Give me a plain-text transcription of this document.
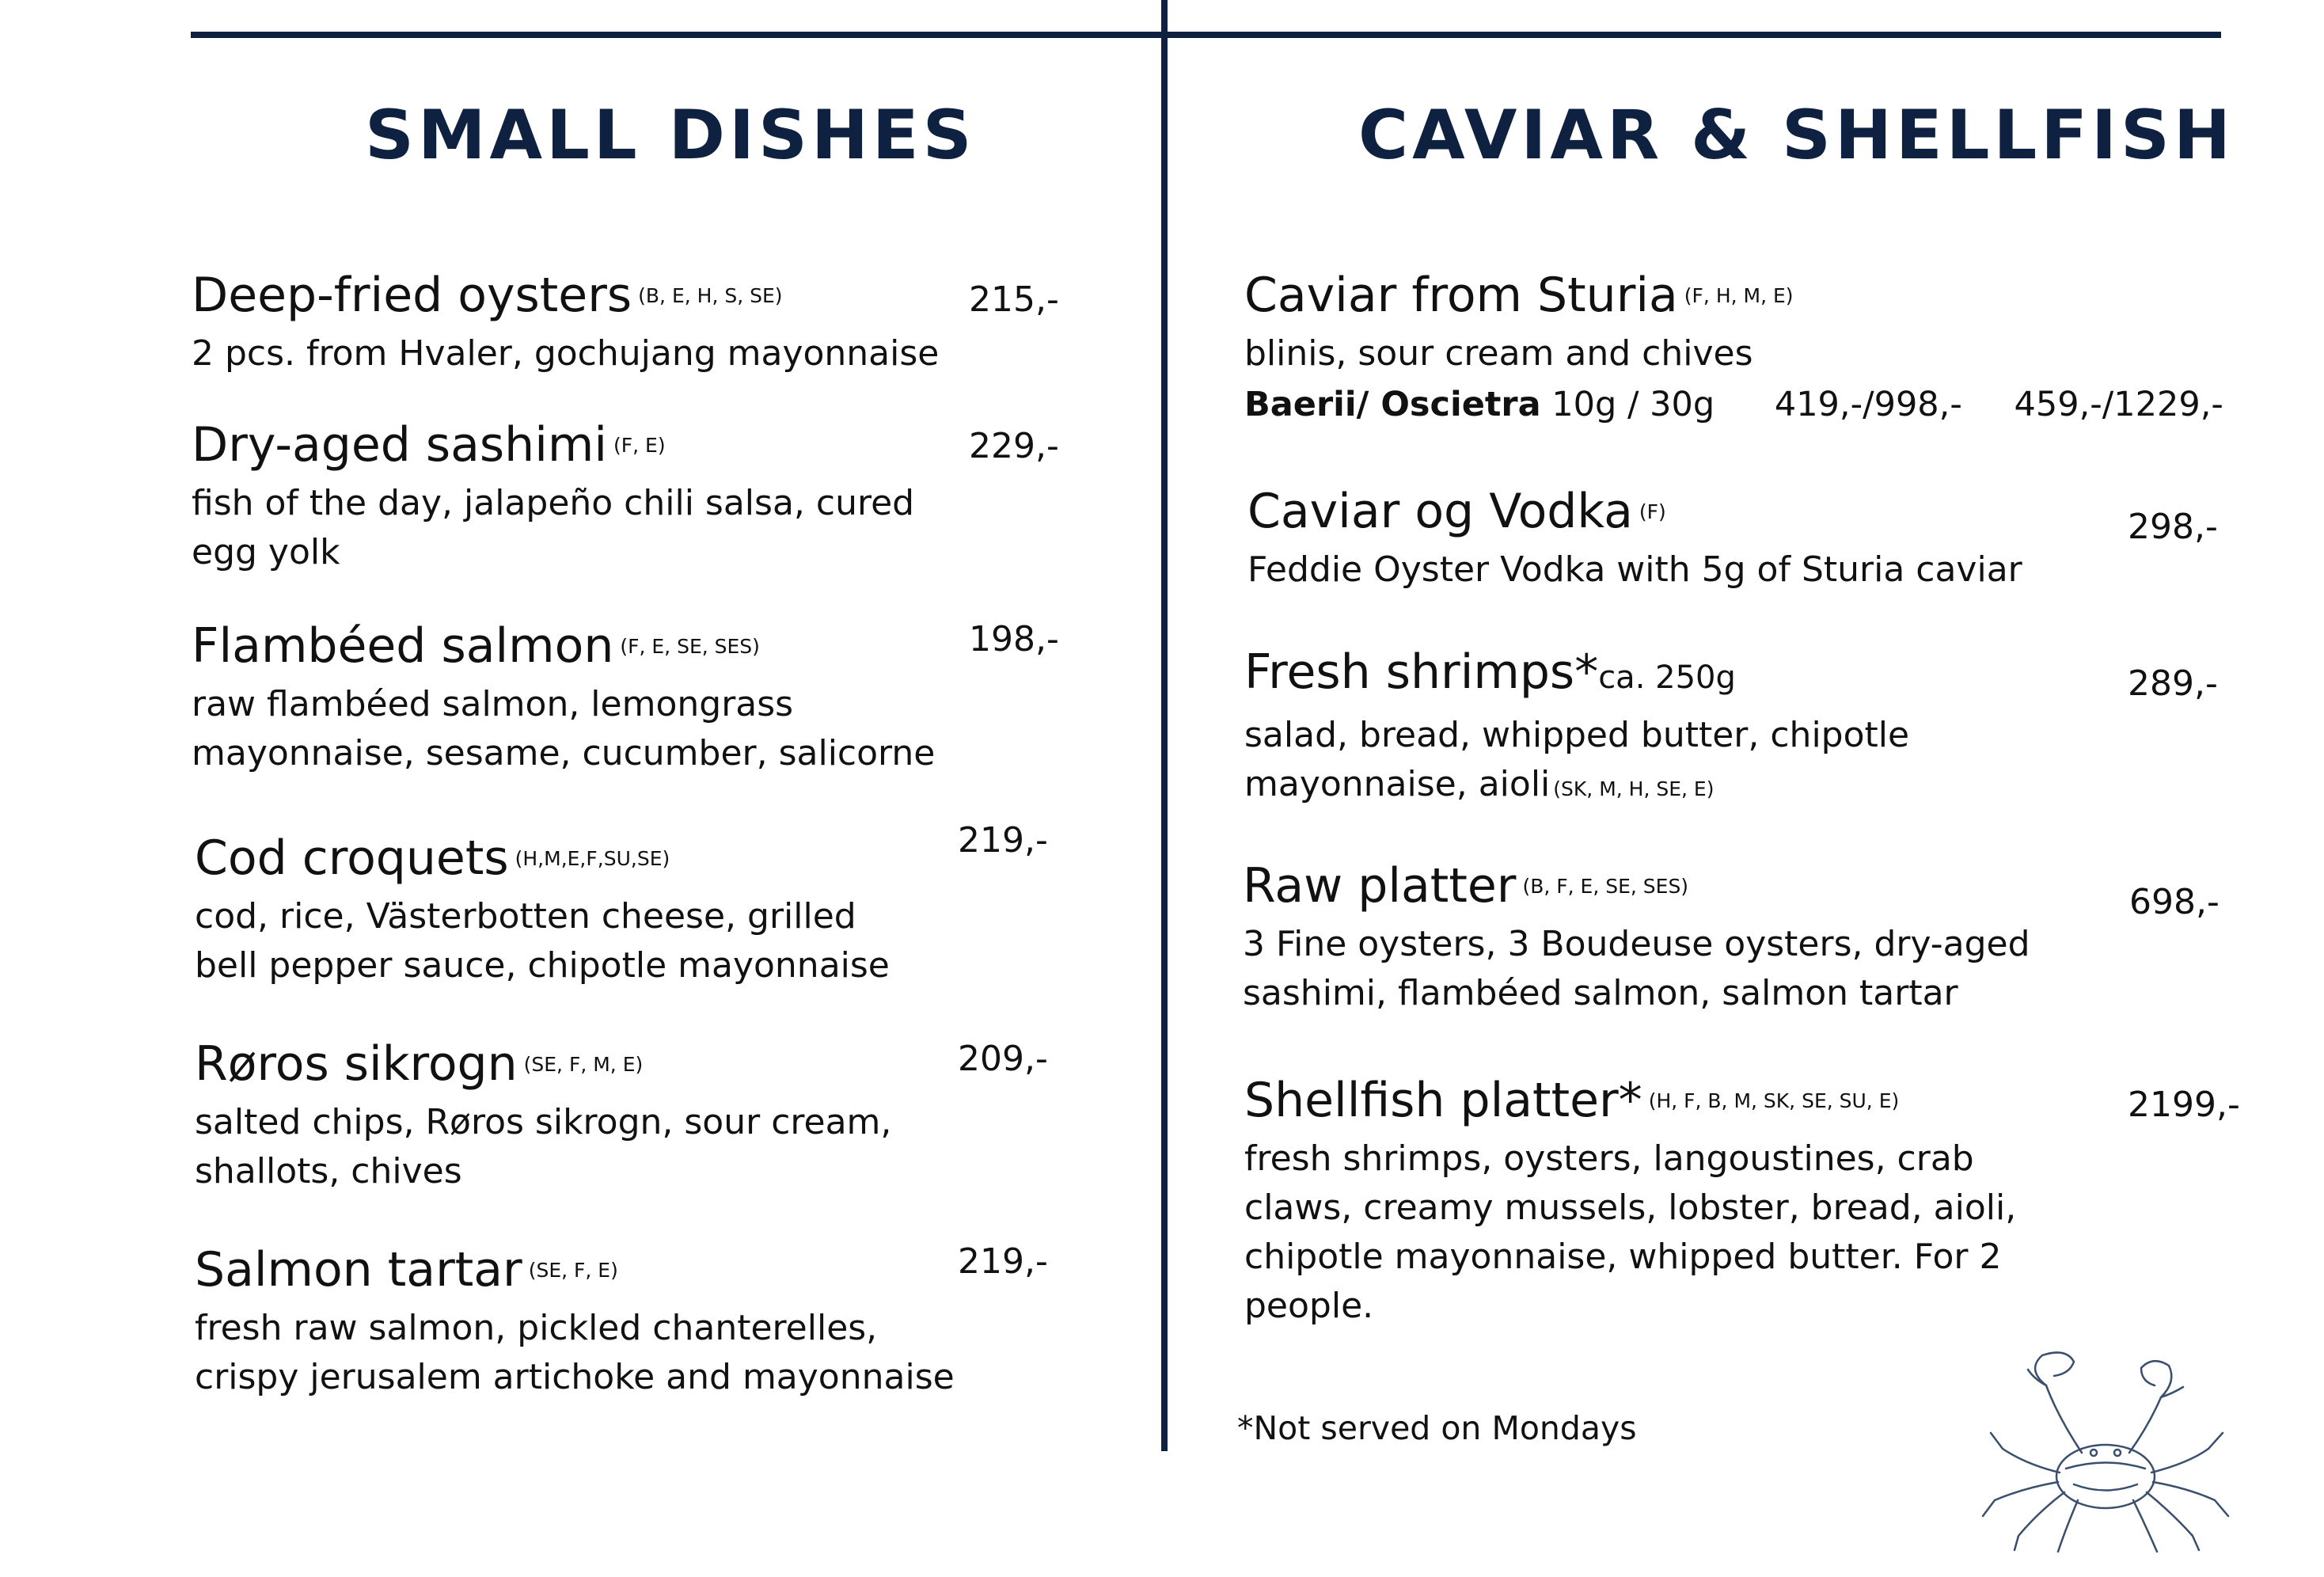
SMALL DISHES	CAVIAR & SHELLFISH
Deep-fried oysters (B, E, H, S, SE)
2 pcs. from Hvaler, gochujang mayonnaise
215,-
Dry-aged sashimi (F, E)
fish of the day, jalapeño chili salsa, cured
egg yolk
229,-
Flambéed salmon (F, E, SE, SES)
raw flambéed salmon, lemongrass
mayonnaise, sesame, cucumber, salicorne
198,-
Cod croquets (H,M,E,F,SU,SE)
cod, rice, Västerbotten cheese, grilled
bell pepper sauce, chipotle mayonnaise
219,-
Røros sikrogn (SE, F, M, E)
salted chips, Røros sikrogn, sour cream,
shallots, chives
209,-
Salmon tartar (SE, F, E)
fresh raw salmon, pickled chanterelles,
crispy jerusalem artichoke and mayonnaise
219,-
Caviar from Sturia (F, H, M, E)
blinis, sour cream and chives
Baerii/ Oscietra 10g / 30g 419,-/998,- 459,-/1229,-
Caviar og Vodka (F)
Feddie Oyster Vodka with 5g of Sturia caviar
298,-
Fresh shrimps*ca. 250g
salad, bread, whipped butter, chipotle
mayonnaise, aioli (SK, M, H, SE, E)
289,-
Raw platter (B, F, E, SE, SES)
3 Fine oysters, 3 Boudeuse oysters, dry-aged
sashimi, flambéed salmon, salmon tartar
698,-
Shellfish platter* (H, F, B, M, SK, SE, SU, E)
fresh shrimps, oysters, langoustines, crab
claws, creamy mussels, lobster, bread, aioli,
chipotle mayonnaise, whipped butter. For 2
people.
2199,-
*Not served on Mondays
